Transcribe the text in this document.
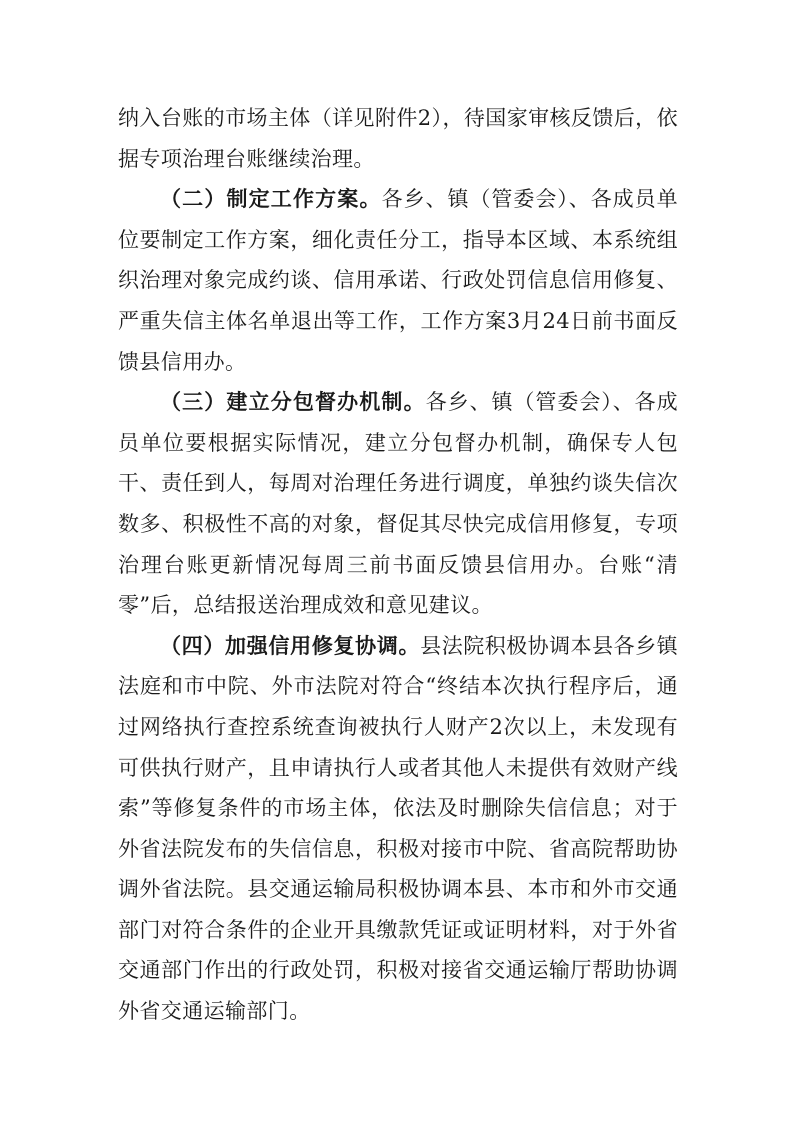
纳入台账的市场主体（详见附件2），待国家审核反馈后，依据专项治理台账继续治理。

（二）制定工作方案。各乡、镇（管委会）、各成员单位要制定工作方案，细化责任分工，指导本区域、本系统组织治理对象完成约谈、信用承诺、行政处罚信息信用修复、严重失信主体名单退出等工作，工作方案3月24日前书面反馈县信用办。

（三）建立分包督办机制。各乡、镇（管委会）、各成员单位要根据实际情况，建立分包督办机制，确保专人包干、责任到人，每周对治理任务进行调度，单独约谈失信次数多、积极性不高的对象，督促其尽快完成信用修复，专项治理台账更新情况每周三前书面反馈县信用办。台账“清零”后，总结报送治理成效和意见建议。

（四）加强信用修复协调。县法院积极协调本县各乡镇法庭和市中院、外市法院对符合“终结本次执行程序后，通过网络执行查控系统查询被执行人财产2次以上，未发现有可供执行财产，且申请执行人或者其他人未提供有效财产线索”等修复条件的市场主体，依法及时删除失信信息；对于外省法院发布的失信信息，积极对接市中院、省高院帮助协调外省法院。县交通运输局积极协调本县、本市和外市交通部门对符合条件的企业开具缴款凭证或证明材料，对于外省交通部门作出的行政处罚，积极对接省交通运输厅帮助协调外省交通运输部门。
